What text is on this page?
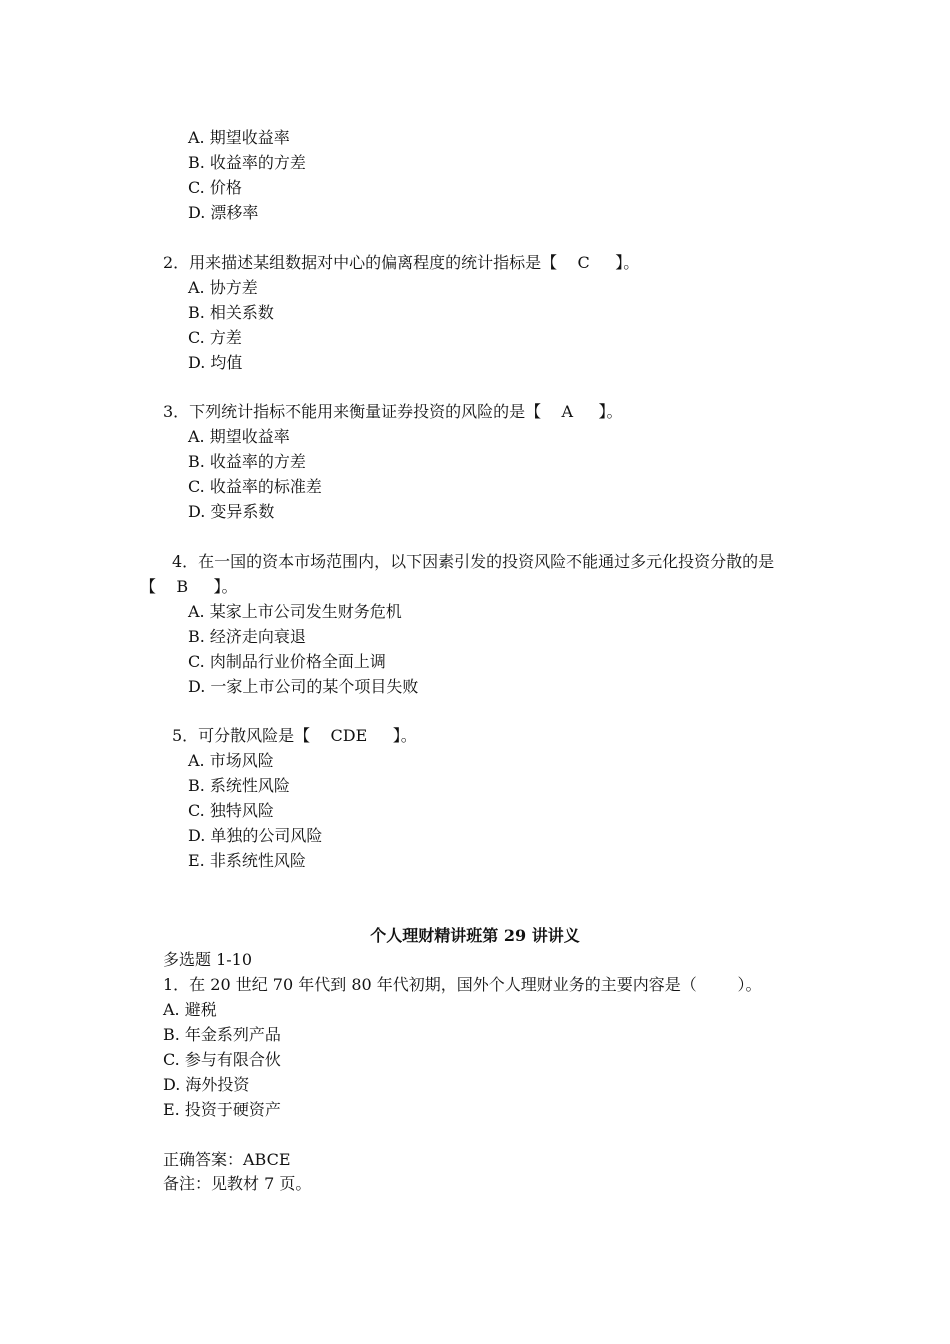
A. 期望收益率
B. 收益率的方差
C. 价格
D. 漂移率
2．用来描述某组数据对中心的偏离程度的统计指标是【    C     】。
A. 协方差
B. 相关系数
C. 方差
D. 均值
3．下列统计指标不能用来衡量证券投资的风险的是【    A     】。
A. 期望收益率
B. 收益率的方差
C. 收益率的标准差
D. 变异系数
4．在一国的资本市场范围内，以下因素引发的投资风险不能通过多元化投资分散的是
【    B     】。
A. 某家上市公司发生财务危机
B. 经济走向衰退
C. 肉制品行业价格全面上调
D. 一家上市公司的某个项目失败
5．可分散风险是【    CDE     】。
A. 市场风险
B. 系统性风险
C. 独特风险
D. 单独的公司风险
E. 非系统性风险
个人理财精讲班第 29 讲讲义
多选题 1-10
1．在 20 世纪 70 年代到 80 年代初期，国外个人理财业务的主要内容是（        ）。
A. 避税
B. 年金系列产品
C. 参与有限合伙
D. 海外投资
E. 投资于硬资产
正确答案：ABCE
备注：见教材 7 页。
